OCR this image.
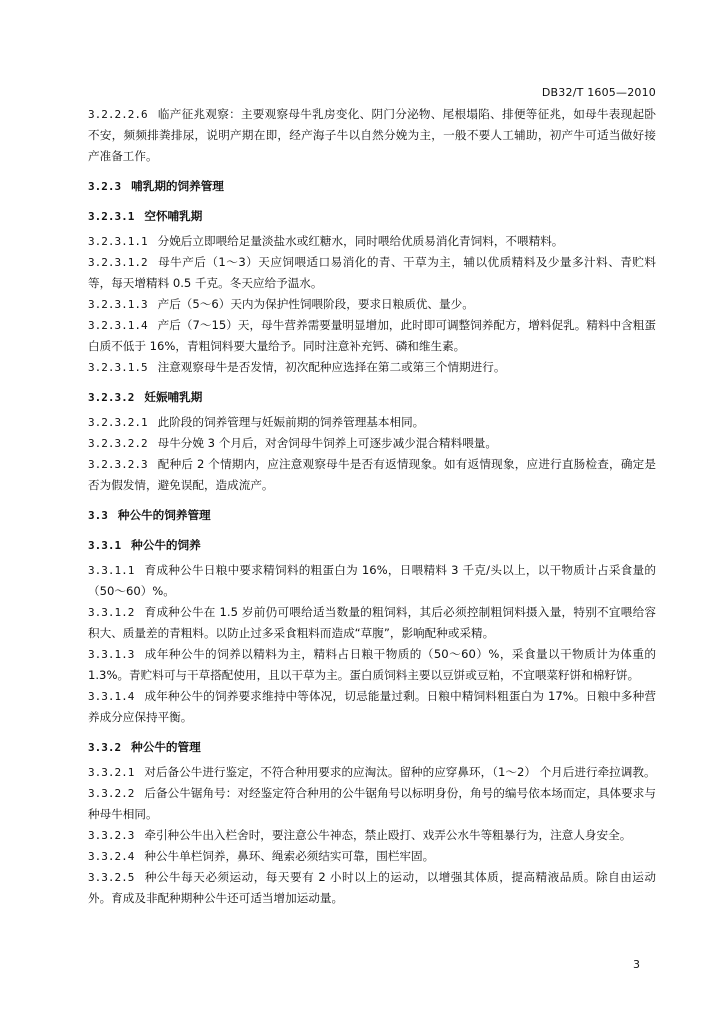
DB32/T 1605—2010

3.2.2.2.6 临产征兆观察：主要观察母牛乳房变化、阴门分泌物、尾根塌陷、排便等征兆，如母牛表现起卧不安，频频排粪排尿，说明产期在即，经产海子牛以自然分娩为主，一般不要人工辅助，初产牛可适当做好接产准备工作。

3.2.3 哺乳期的饲养管理

3.2.3.1 空怀哺乳期

3.2.3.1.1 分娩后立即喂给足量淡盐水或红糖水，同时喂给优质易消化青饲料，不喂精料。

3.2.3.1.2 母牛产后（1～3）天应饲喂适口易消化的青、干草为主，辅以优质精料及少量多汁料、青贮料等，每天增精料 0.5 千克。冬天应给予温水。

3.2.3.1.3 产后（5～6）天内为保护性饲喂阶段，要求日粮质优、量少。

3.2.3.1.4 产后（7～15）天，母牛营养需要量明显增加，此时即可调整饲养配方，增料促乳。精料中含粗蛋白质不低于 16%，青粗饲料要大量给予。同时注意补充钙、磷和维生素。

3.2.3.1.5 注意观察母牛是否发情，初次配种应选择在第二或第三个情期进行。

3.2.3.2 妊娠哺乳期

3.2.3.2.1 此阶段的饲养管理与妊娠前期的饲养管理基本相同。

3.2.3.2.2 母牛分娩 3 个月后，对舍饲母牛饲养上可逐步减少混合精料喂量。

3.2.3.2.3 配种后 2 个情期内，应注意观察母牛是否有返情现象。如有返情现象，应进行直肠检查，确定是否为假发情，避免误配，造成流产。

3.3 种公牛的饲养管理

3.3.1 种公牛的饲养

3.3.1.1 育成种公牛日粮中要求精饲料的粗蛋白为 16%，日喂精料 3 千克/头以上，以干物质计占采食量的（50～60）%。

3.3.1.2 育成种公牛在 1.5 岁前仍可喂给适当数量的粗饲料，其后必须控制粗饲料摄入量，特别不宜喂给容积大、质量差的青粗料。以防止过多采食粗料而造成“草腹”，影响配种或采精。

3.3.1.3 成年种公牛的饲养以精料为主，精料占日粮干物质的（50～60）%，采食量以干物质计为体重的 1.3%。青贮料可与干草搭配使用，且以干草为主。蛋白质饲料主要以豆饼或豆粕，不宜喂菜籽饼和棉籽饼。

3.3.1.4 成年种公牛的饲养要求维持中等体况，切忌能量过剩。日粮中精饲料粗蛋白为 17%。日粮中多种营养成分应保持平衡。

3.3.2 种公牛的管理

3.3.2.1 对后备公牛进行鉴定，不符合种用要求的应淘汰。留种的应穿鼻环，（1～2） 个月后进行牵拉调教。

3.3.2.2 后备公牛锯角号：对经鉴定符合种用的公牛锯角号以标明身份，角号的编号依本场而定，具体要求与种母牛相同。

3.3.2.3 牵引种公牛出入栏舍时，要注意公牛神态，禁止殴打、戏弄公水牛等粗暴行为，注意人身安全。

3.3.2.4 种公牛单栏饲养，鼻环、绳索必须结实可靠，围栏牢固。

3.3.2.5 种公牛每天必须运动，每天要有 2 小时以上的运动，以增强其体质，提高精液品质。除自由运动外。育成及非配种期种公牛还可适当增加运动量。

3
